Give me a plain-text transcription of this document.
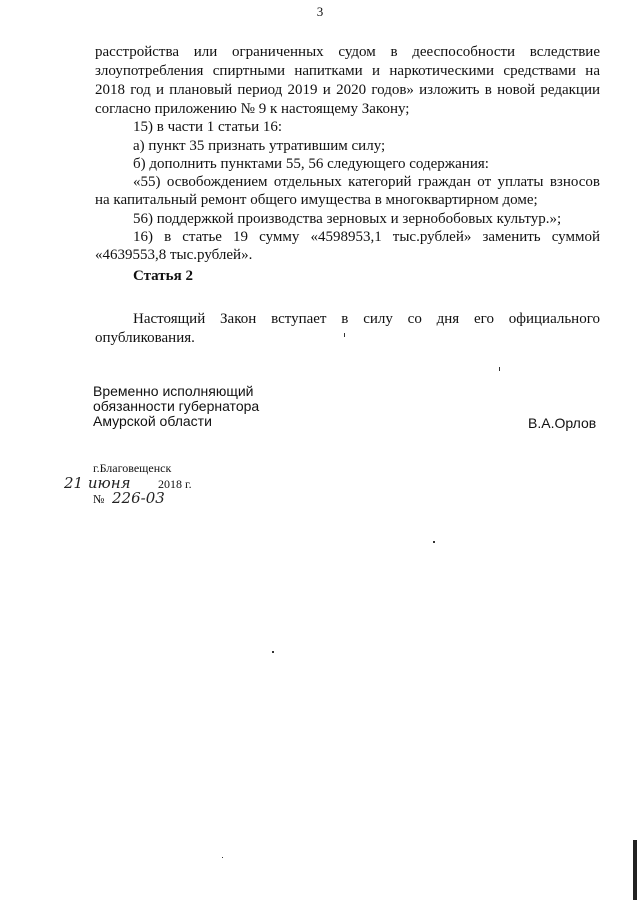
3
расстройства или ограниченных судом в дееспособности вследствие
злоупотребления спиртными напитками и наркотическими средствами на
2018 год и плановый период 2019 и 2020 годов» изложить в новой редакции
согласно приложению № 9 к настоящему Закону;
15) в части 1 статьи 16:
а) пункт 35 признать утратившим силу;
б) дополнить пунктами 55, 56 следующего содержания:
«55) освобождением отдельных категорий граждан от уплаты взносов
на капитальный ремонт общего имущества в многоквартирном доме;
56) поддержкой производства зерновых и зернобобовых культур.»;
16) в статье 19 сумму «4598953,1 тыс.рублей» заменить суммой
«4639553,8 тыс.рублей».
Статья 2
Настоящий Закон вступает в силу со дня его официального
опубликования.
Временно исполняющий
обязанности губернатора
Амурской области	В.А.Орлов
г.Благовещенск
21 июня 2018 г.
№ 226-03
